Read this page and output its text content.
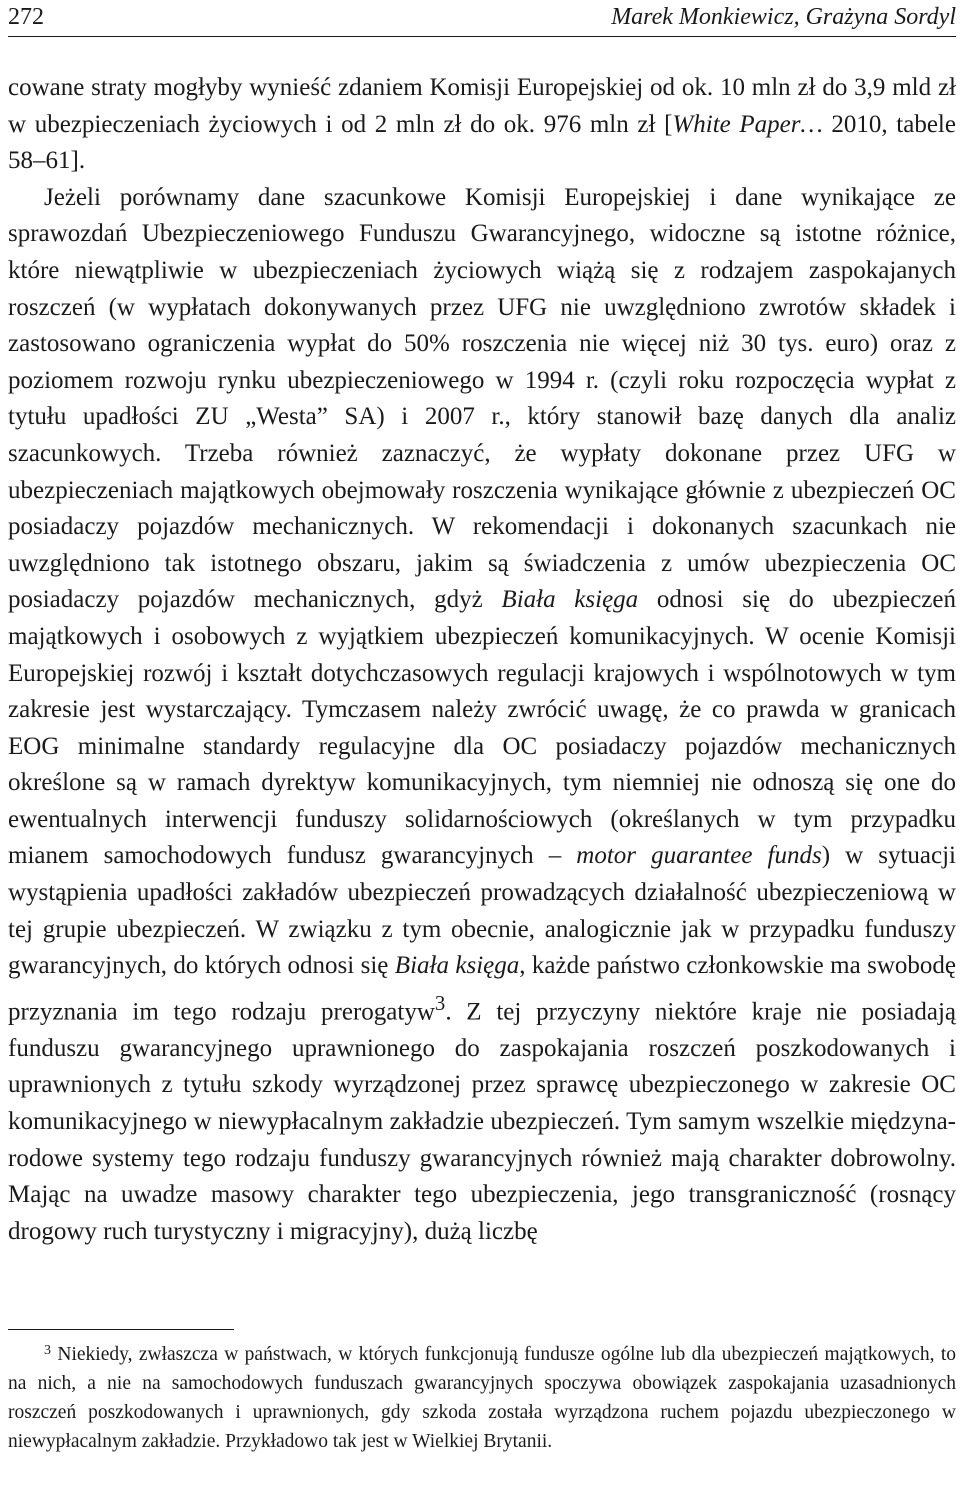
272	Marek Monkiewicz, Grażyna Sordyl

cowane straty mogłyby wynieść zdaniem Komisji Europejskiej od ok. 10 mln zł do 3,9 mld zł w ubezpieczeniach życiowych i od 2 mln zł do ok. 976 mln zł [White Paper… 2010, tabele 58–61].

Jeżeli porównamy dane szacunkowe Komisji Europejskiej i dane wynikające ze sprawozdań Ubezpieczeniowego Funduszu Gwarancyjnego, widoczne są istotne różnice, które niewątpliwie w ubezpieczeniach życiowych wiążą się z rodzajem zaspokajanych roszczeń (w wypłatach dokonywanych przez UFG nie uwzględniono zwrotów składek i zastosowano ograniczenia wypłat do 50% roszczenia nie więcej niż 30 tys. euro) oraz z poziomem rozwoju rynku ubezpieczeniowego w 1994 r. (czyli roku rozpoczęcia wypłat z tytułu upadłości ZU „Westa” SA) i 2007 r., który stanowił bazę danych dla analiz szacunkowych. Trzeba również zaznaczyć, że wypłaty dokonane przez UFG w ubezpieczeniach majątkowych obejmowały roszczenia wynikające głównie z ubezpieczeń OC posiadaczy pojazdów mechanicznych. W rekomendacji i dokonanych szacunkach nie uwzględniono tak istotnego obszaru, jakim są świadczenia z umów ubezpieczenia OC posiadaczy pojazdów mechanicznych, gdyż Biała księga odnosi się do ubezpieczeń majątkowych i osobowych z wyjątkiem ubezpieczeń komunikacyjnych. W ocenie Komisji Europejskiej rozwój i kształt dotychczasowych regulacji krajowych i wspólnotowych w tym zakresie jest wystarczający. Tymczasem należy zwrócić uwagę, że co prawda w granicach EOG minimalne standardy regulacyjne dla OC posiadaczy pojazdów mechanicznych określone są w ramach dyrektyw komunikacyjnych, tym niemniej nie odnoszą się one do ewentualnych interwencji funduszy solidarnościowych (określanych w tym przypadku mianem samochodowych fundusz gwarancyjnych – motor guarantee funds) w sytuacji wystąpienia upadłości zakładów ubezpieczeń prowadzących działalność ubezpieczeniową w tej grupie ubezpieczeń. W związku z tym obecnie, analogicznie jak w przypadku funduszy gwarancyjnych, do których odnosi się Biała księga, każde państwo członkowskie ma swobodę przyznania im tego rodzaju prerogatyw$^3$. Z tej przyczyny niektóre kraje nie posiadają funduszu gwarancyjnego uprawnionego do zaspokajania roszczeń poszkodowanych i uprawnionych z tytułu szkody wyrządzonej przez sprawcę ubezpieczonego w zakresie OC komunikacyjnego w niewypłacalnym zakładzie ubezpieczeń. Tym samym wszelkie międzynarodowe systemy tego rodzaju funduszy gwarancyjnych również mają charakter dobrowolny. Mając na uwadze masowy charakter tego ubezpieczenia, jego transgraniczność (rosnący drogowy ruch turystyczny i migracyjny), dużą liczbę

$^3$ Niekiedy, zwłaszcza w państwach, w których funkcjonują fundusze ogólne lub dla ubezpieczeń majątkowych, to na nich, a nie na samochodowych funduszach gwarancyjnych spoczywa obowiązek zaspokajania uzasadnionych roszczeń poszkodowanych i uprawnionych, gdy szkoda została wyrządzona ruchem pojazdu ubezpieczonego w niewypłacalnym zakładzie. Przykładowo tak jest w Wielkiej Brytanii.
